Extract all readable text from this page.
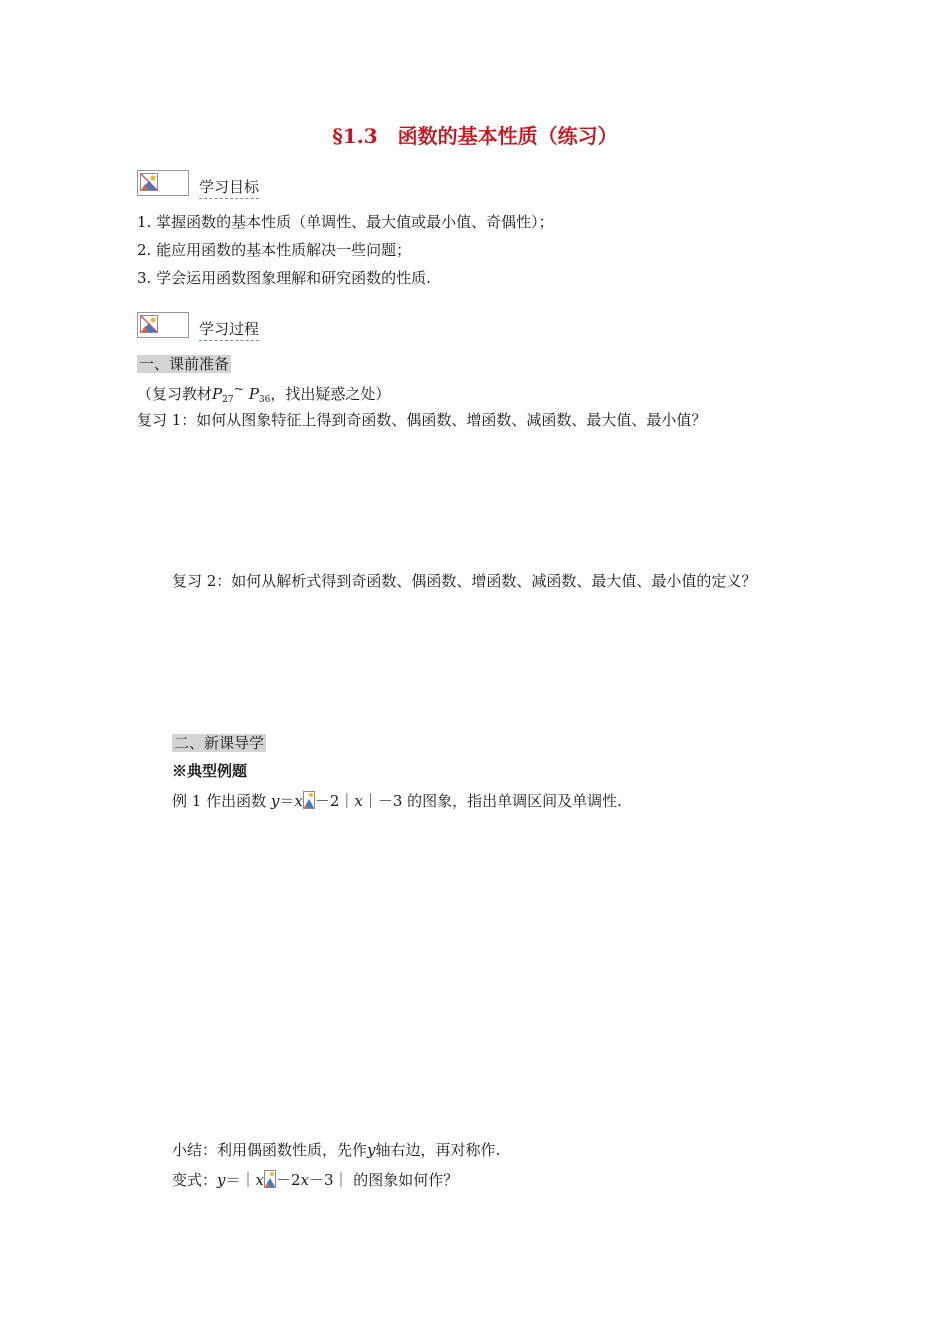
§1.3　函数的基本性质（练习）
学习目标
1. 掌握函数的基本性质（单调性、最大值或最小值、奇偶性）；
2. 能应用函数的基本性质解决一些问题；
3. 学会运用函数图象理解和研究函数的性质.
学习过程
一、课前准备
（复习教材$P_{27}^\sim$ $P_{36}$，找出疑惑之处）
复习 1：如何从图象特征上得到奇函数、偶函数、增函数、减函数、最大值、最小值？
复习 2：如何从解析式得到奇函数、偶函数、增函数、减函数、最大值、最小值的定义？
二、新课导学
※典型例题
例 1 作出函数 y＝x －2｜x｜－3 的图象，指出单调区间及单调性.
小结：利用偶函数性质，先作y轴右边，再对称作.
变式：y＝｜x －2x－3｜ 的图象如何作？
